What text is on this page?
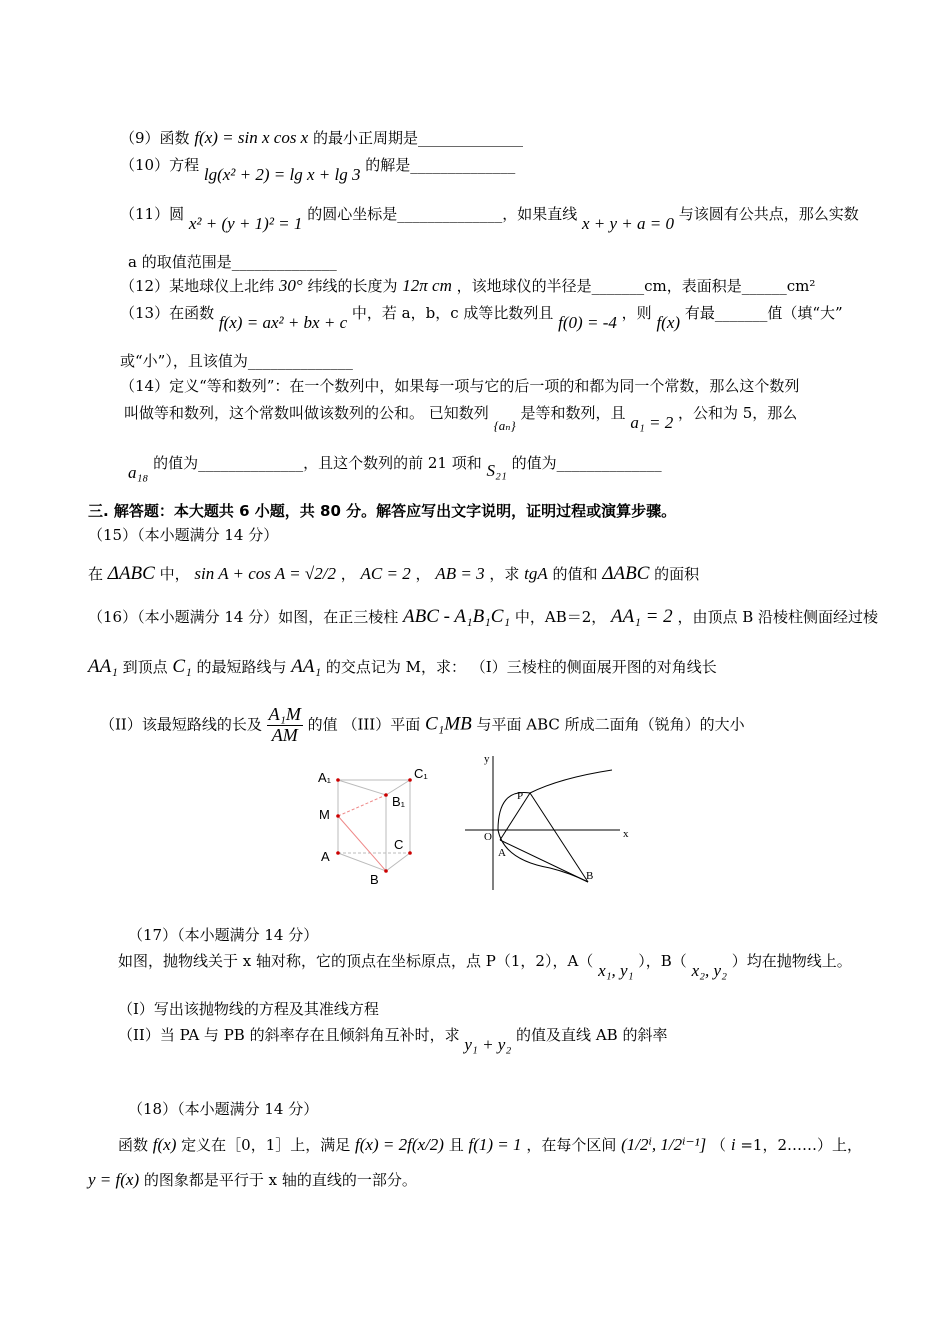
（9）函数 f(x) = sin x cos x 的最小正周期是______________
（10）方程 lg(x² + 2) = lg x + lg 3 的解是______________
（11）圆 x² + (y + 1)² = 1 的圆心坐标是______________，如果直线 x + y + a = 0 与该圆有公共点，那么实数
a 的取值范围是______________
（12）某地球仪上北纬 30° 纬线的长度为 12π cm ，该地球仪的半径是_______cm，表面积是______cm²
（13）在函数 f(x) = ax² + bx + c 中，若 a，b，c 成等比数列且 f(0) = -4 ，则 f(x) 有最_______值（填“大”
或“小”），且该值为______________
（14）定义“等和数列”：在一个数列中，如果每一项与它的后一项的和都为同一个常数，那么这个数列
叫做等和数列，这个常数叫做该数列的公和。 已知数列 {aₙ} 是等和数列，且 a₁ = 2 ，公和为 5，那么
a₁₈ 的值为______________，且这个数列的前 21 项和 S₂₁ 的值为______________
三. 解答题：本大题共 6 小题，共 80 分。解答应写出文字说明，证明过程或演算步骤。
（15）（本小题满分 14 分）
在 ΔABC 中， sin A + cos A = √2/2 ， AC = 2 ， AB = 3 ，求 tgA 的值和 ΔABC 的面积
（16）（本小题满分 14 分）如图，在正三棱柱 ABC - A₁B₁C₁ 中，AB＝2， AA₁ = 2 ，由顶点 B 沿棱柱侧面经过棱
AA₁ 到顶点 C₁ 的最短路线与 AA₁ 的交点记为 M，求： （I）三棱柱的侧面展开图的对角线长
（II）该最短路线的长及 $\frac{\text{A₁M}}{AM}$ 的值 （III）平面 C₁MB 与平面 ABC 所成二面角（锐角）的大小
A₁	C₁
B₁
M
C
A
B
y
x
O
P
A
B
（17）（本小题满分 14 分）
如图，抛物线关于 x 轴对称，它的顶点在坐标原点，点 P（1，2），A（ x₁, y₁ ），B（ x₂, y₂ ）均在抛物线上。
（I）写出该抛物线的方程及其准线方程
（II）当 PA 与 PB 的斜率存在且倾斜角互补时，求 y₁ + y₂ 的值及直线 AB 的斜率
（18）（本小题满分 14 分）
函数 f(x) 定义在［0，1］上，满足 f(x) = 2f(x/2) 且 f(1) = 1 ，在每个区间 (1/2ⁱ, 1/2ⁱ⁻¹] （ i =1，2……）上，
y = f(x) 的图象都是平行于 x 轴的直线的一部分。
